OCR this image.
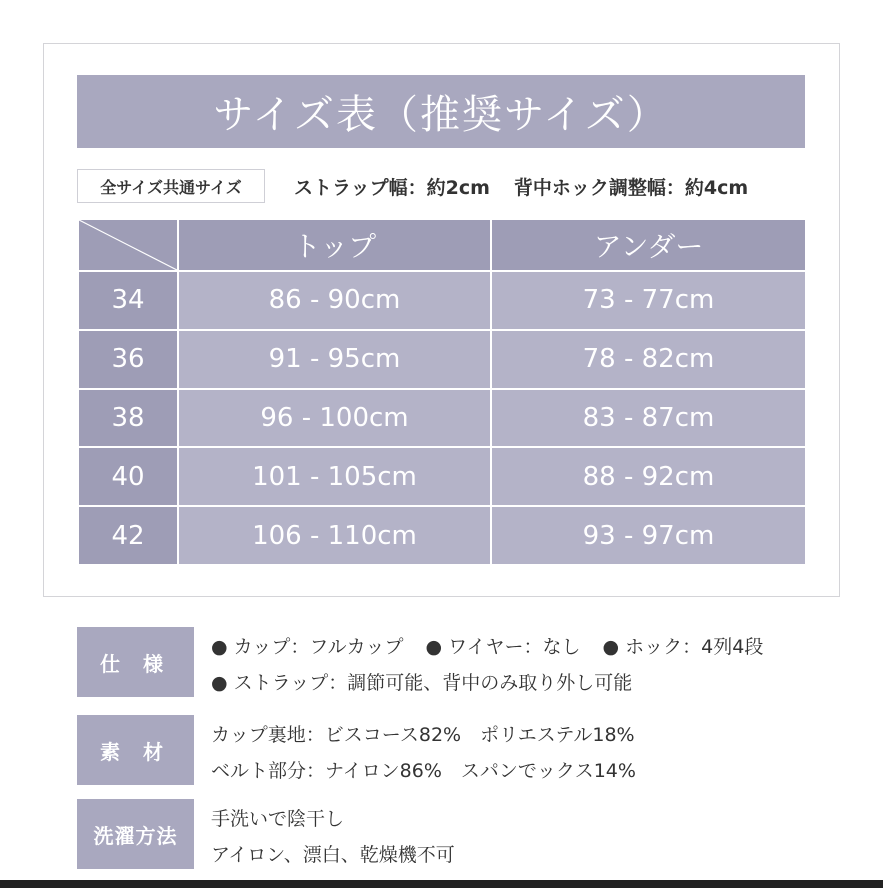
サイズ表（推奨サイズ）
全サイズ共通サイズ	ストラップ幅：約2cm 背中ホック調整幅：約4cm
	トップ	アンダー
34	86 - 90cm	73 - 77cm
36	91 - 95cm	78 - 82cm
38	96 - 100cm	83 - 87cm
40	101 - 105cm	88 - 92cm
42	106 - 110cm	93 - 97cm
仕 様
● カップ：フルカップ ● ワイヤー：なし ● ホック：4列4段
● ストラップ：調節可能、背中のみ取り外し可能
素 材
カップ裏地：ビスコース82%　ポリエステル18%
ベルト部分：ナイロン86%　スパンでックス14%
洗濯方法
手洗いで陰干し
アイロン、漂白、乾燥機不可
